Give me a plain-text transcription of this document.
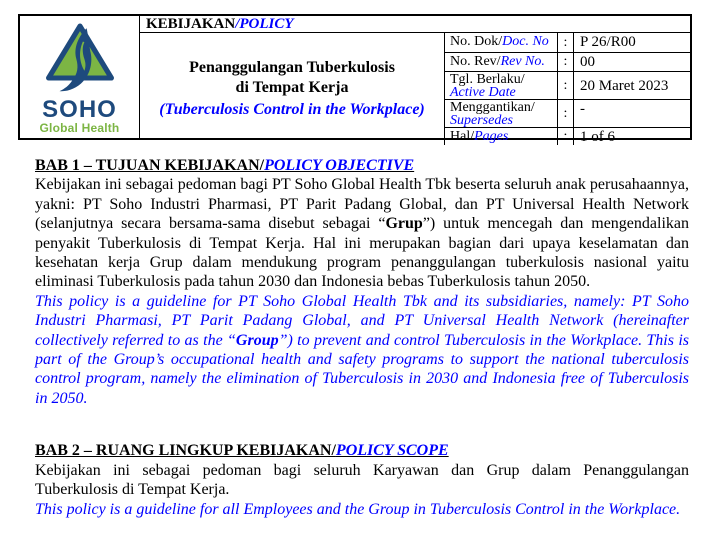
SOHO
Global Health
KEBIJAKAN/POLICY
Penanggulangan Tuberkulosis
di Tempat Kerja
(Tuberculosis Control in the Workplace)
No. Dok/Doc. No	: P 26/R00
No. Rev/Rev No.	: 00
Tgl. Berlaku/
Active Date	: 20 Maret 2023
Menggantikan/
Supersedes	: -
Hal/Pages	: 1 of 6
BAB 1 – TUJUAN KEBIJAKAN/POLICY OBJECTIVE

Kebijakan ini sebagai pedoman bagi PT Soho Global Health Tbk beserta seluruh anak perusahaannya, yakni: PT Soho Industri Pharmasi, PT Parit Padang Global, dan PT Universal Health Network (selanjutnya secara bersama-sama disebut sebagai “Grup”) untuk mencegah dan mengendalikan penyakit Tuberkulosis di Tempat Kerja. Hal ini merupakan bagian dari upaya keselamatan dan kesehatan kerja Grup dalam mendukung program penanggulangan tuberkulosis nasional yaitu eliminasi Tuberkulosis pada tahun 2030 dan Indonesia bebas Tuberkulosis tahun 2050.

This policy is a guideline for PT Soho Global Health Tbk and its subsidiaries, namely: PT Soho Industri Pharmasi, PT Parit Padang Global, and PT Universal Health Network (hereinafter collectively referred to as the “Group”) to prevent and control Tuberculosis in the Workplace. This is part of the Group’s occupational health and safety programs to support the national tuberculosis control program, namely the elimination of Tuberculosis in 2030 and Indonesia free of Tuberculosis in 2050.

BAB 2 – RUANG LINGKUP KEBIJAKAN/POLICY SCOPE

Kebijakan ini sebagai pedoman bagi seluruh Karyawan dan Grup dalam Penanggulangan Tuberkulosis di Tempat Kerja.

This policy is a guideline for all Employees and the Group in Tuberculosis Control in the Workplace.
